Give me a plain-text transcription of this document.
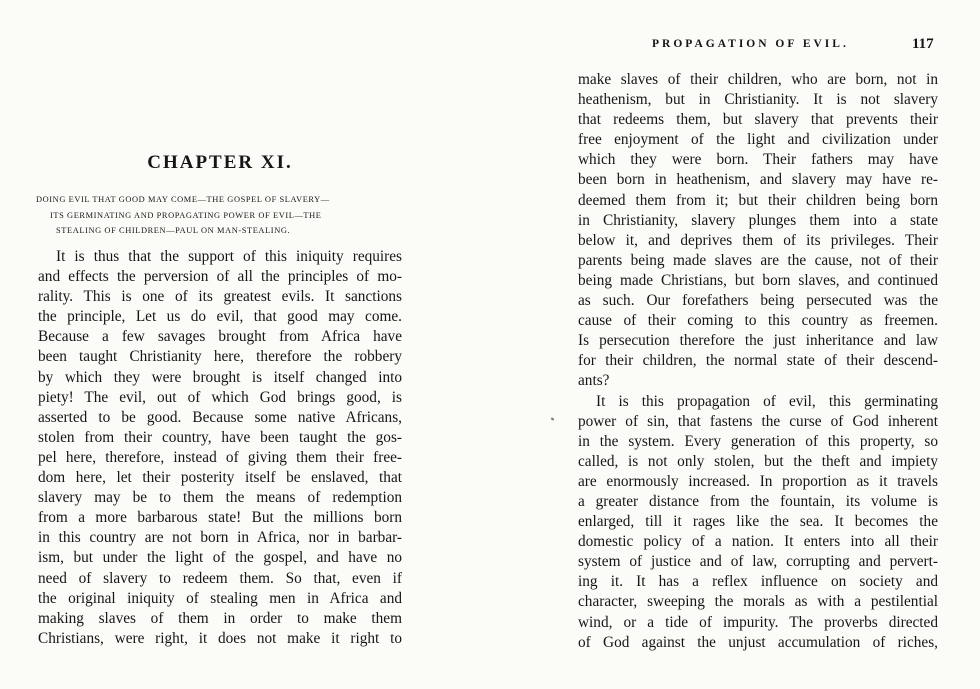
CHAPTER XI.
DOING EVIL THAT GOOD MAY COME—THE GOSPEL OF SLAVERY—
ITS GERMINATING AND PROPAGATING POWER OF EVIL—THE
STEALING OF CHILDREN—PAUL ON MAN-STEALING.
It is thus that the support of this iniquity requires
and effects the perversion of all the principles of mo-
rality. This is one of its greatest evils. It sanctions
the principle, Let us do evil, that good may come.
Because a few savages brought from Africa have
been taught Christianity here, therefore the robbery
by which they were brought is itself changed into
piety! The evil, out of which God brings good, is
asserted to be good. Because some native Africans,
stolen from their country, have been taught the gos-
pel here, therefore, instead of giving them their free-
dom here, let their posterity itself be enslaved, that
slavery may be to them the means of redemption
from a more barbarous state! But the millions born
in this country are not born in Africa, nor in barbar-
ism, but under the light of the gospel, and have no
need of slavery to redeem them. So that, even if
the original iniquity of stealing men in Africa and
making slaves of them in order to make them
Christians, were right, it does not make it right to
PROPAGATION OF EVIL.	117
make slaves of their children, who are born, not in
heathenism, but in Christianity. It is not slavery
that redeems them, but slavery that prevents their
free enjoyment of the light and civilization under
which they were born. Their fathers may have
been born in heathenism, and slavery may have re-
deemed them from it; but their children being born
in Christianity, slavery plunges them into a state
below it, and deprives them of its privileges. Their
parents being made slaves are the cause, not of their
being made Christians, but born slaves, and continued
as such. Our forefathers being persecuted was the
cause of their coming to this country as freemen.
Is persecution therefore the just inheritance and law
for their children, the normal state of their descend-
ants?
It is this propagation of evil, this germinating
power of sin, that fastens the curse of God inherent
in the system. Every generation of this property, so
called, is not only stolen, but the theft and impiety
are enormously increased. In proportion as it travels
a greater distance from the fountain, its volume is
enlarged, till it rages like the sea. It becomes the
domestic policy of a nation. It enters into all their
system of justice and of law, corrupting and pervert-
ing it. It has a reflex influence on society and
character, sweeping the morals as with a pestilential
wind, or a tide of impurity. The proverbs directed
of God against the unjust accumulation of riches,
